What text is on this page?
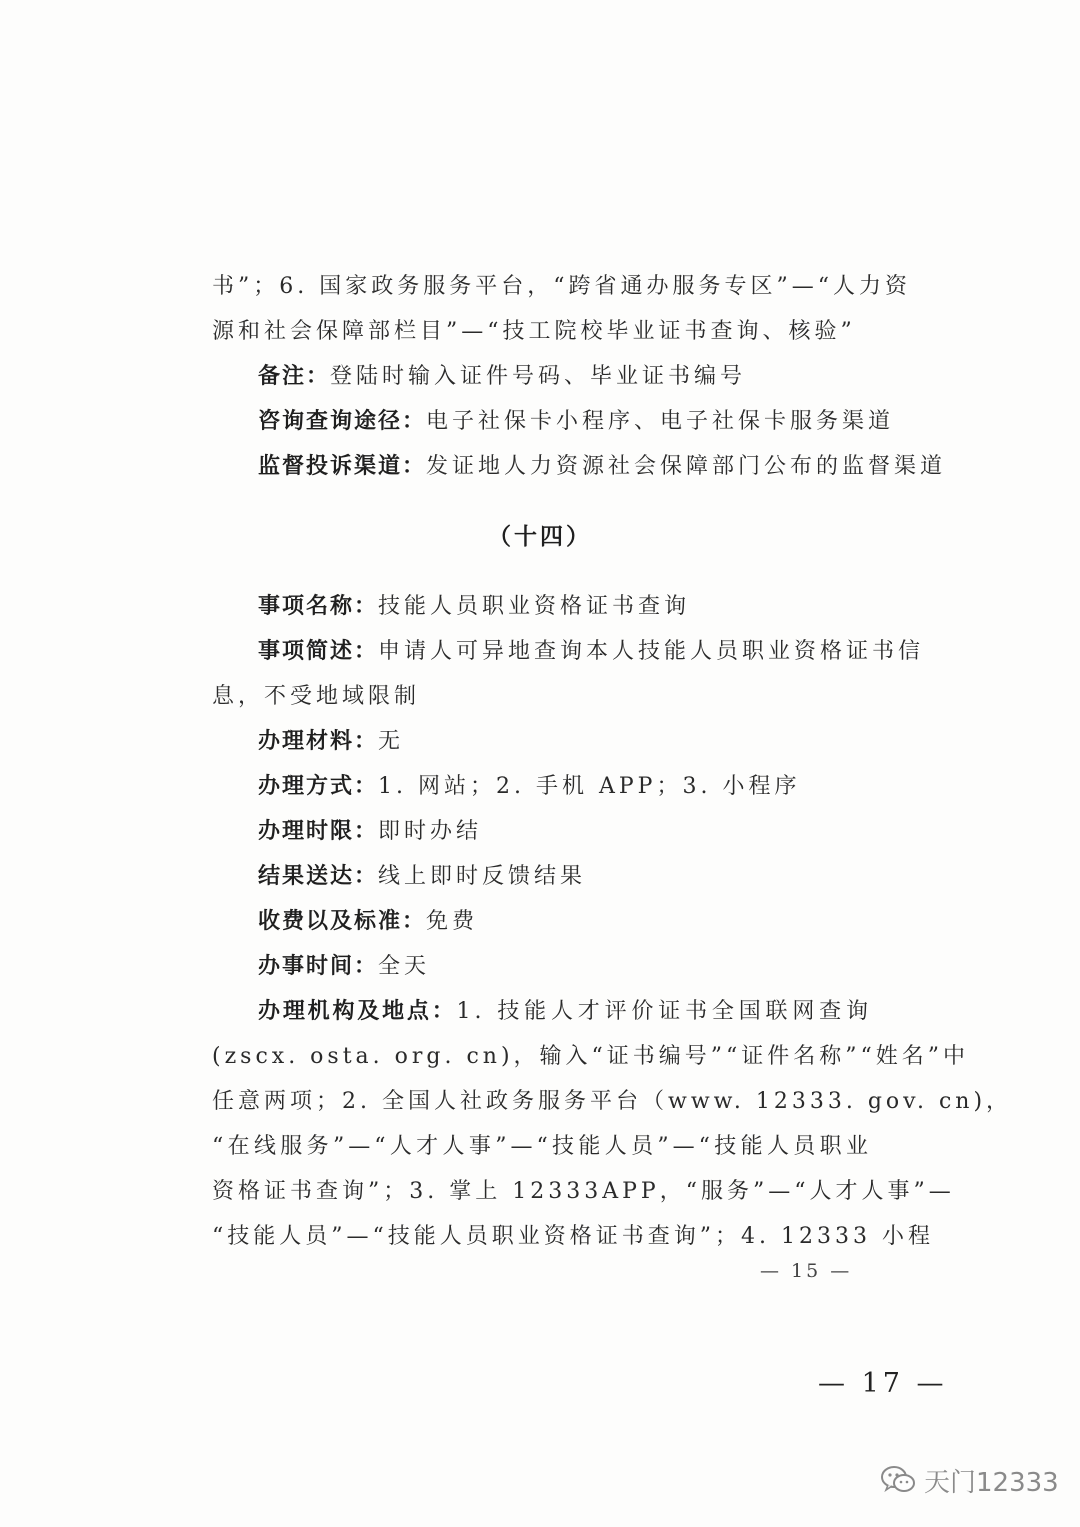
书”；6. 国家政务服务平台，“跨省通办服务专区”—“人力资
源和社会保障部栏目”—“技工院校毕业证书查询、核验”
备注：登陆时输入证件号码、毕业证书编号
咨询查询途径：电子社保卡小程序、电子社保卡服务渠道
监督投诉渠道：发证地人力资源社会保障部门公布的监督渠道
（十四）
事项名称：技能人员职业资格证书查询
事项简述：申请人可异地查询本人技能人员职业资格证书信
息，不受地域限制
办理材料：无
办理方式：1. 网站；2. 手机 APP；3. 小程序
办理时限：即时办结
结果送达：线上即时反馈结果
收费以及标准：免费
办事时间：全天
办理机构及地点：1. 技能人才评价证书全国联网查询
(zscx. osta. org. cn)，输入“证书编号”“证件名称”“姓名”中
任意两项；2. 全国人社政务服务平台（www. 12333. gov. cn)，
“在线服务”—“人才人事”—“技能人员”—“技能人员职业
资格证书查询”；3. 掌上 12333APP，“服务”—“人才人事”—
“技能人员”—“技能人员职业资格证书查询”；4. 12333 小程
— 15 —
— 17 —
天门12333
